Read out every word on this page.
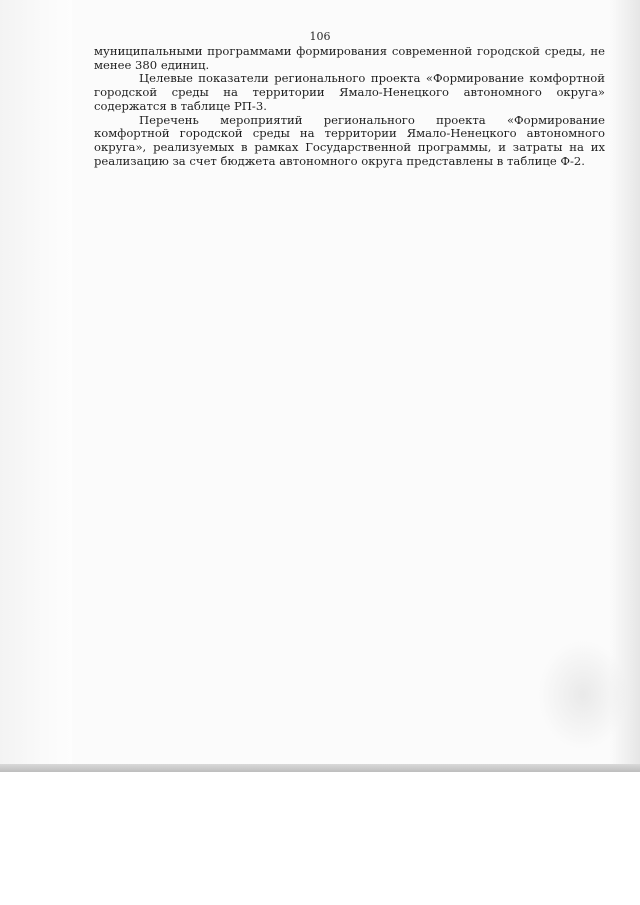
106

муниципальными программами формирования современной городской среды, не менее 380 единиц.

Целевые показатели регионального проекта «Формирование комфортной городской среды на территории Ямало-Ненецкого автономного округа» содержатся в таблице РП-3.

Перечень мероприятий регионального проекта «Формирование комфортной городской среды на территории Ямало-Ненецкого автономного округа», реализуемых в рамках Государственной программы, и затраты на их реализацию за счет бюджета автономного округа представлены в таблице Ф-2.
